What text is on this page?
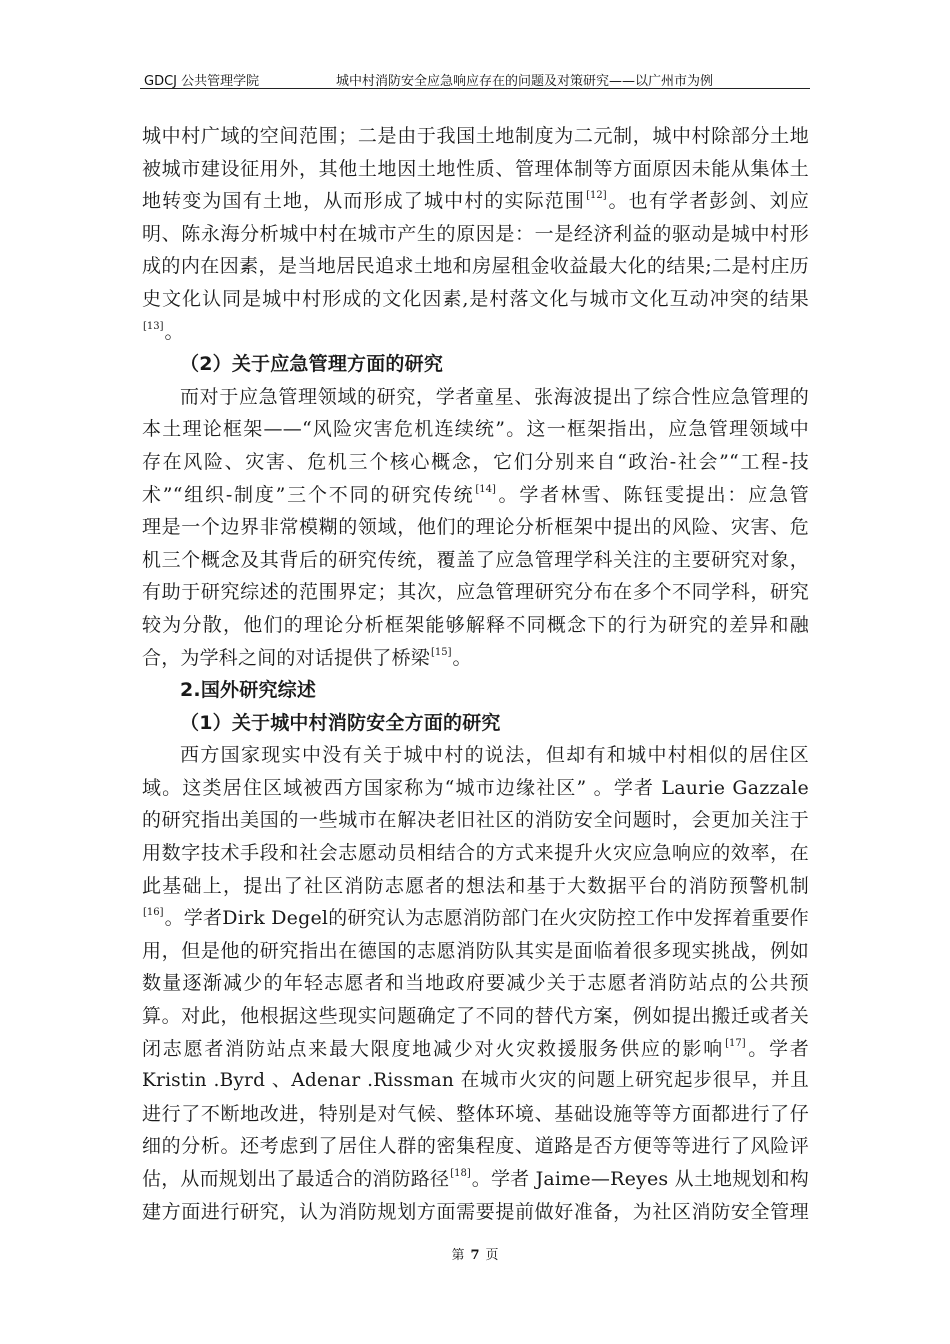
GDCJ 公共管理学院	城中村消防安全应急响应存在的问题及对策研究——以广州市为例
城中村广域的空间范围；二是由于我国土地制度为二元制，城中村除部分土地
被城市建设征用外，其他土地因土地性质、管理体制等方面原因未能从集体土
地转变为国有土地，从而形成了城中村的实际范围[12]。也有学者彭剑、刘应
明、陈永海分析城中村在城市产生的原因是：一是经济利益的驱动是城中村形
成的内在因素，是当地居民追求土地和房屋租金收益最大化的结果;二是村庄历
史文化认同是城中村形成的文化因素,是村落文化与城市文化互动冲突的结果
[13]。
（2）关于应急管理方面的研究
而对于应急管理领域的研究，学者童星、张海波提出了综合性应急管理的
本土理论框架——“风险灾害危机连续统”。这一框架指出，应急管理领域中
存在风险、灾害、危机三个核心概念，它们分别来自“政治-社会”“工程-技
术”“组织-制度”三个不同的研究传统[14]。学者林雪、陈钰雯提出：应急管
理是一个边界非常模糊的领域，他们的理论分析框架中提出的风险、灾害、危
机三个概念及其背后的研究传统，覆盖了应急管理学科关注的主要研究对象，
有助于研究综述的范围界定；其次，应急管理研究分布在多个不同学科，研究
较为分散，他们的理论分析框架能够解释不同概念下的行为研究的差异和融
合，为学科之间的对话提供了桥梁[15]。
2.国外研究综述
（1）关于城中村消防安全方面的研究
西方国家现实中没有关于城中村的说法，但却有和城中村相似的居住区
域。这类居住区域被西方国家称为“城市边缘社区” 。学者 Laurie Gazzale
的研究指出美国的一些城市在解决老旧社区的消防安全问题时，会更加关注于
用数字技术手段和社会志愿动员相结合的方式来提升火灾应急响应的效率，在
此基础上，提出了社区消防志愿者的想法和基于大数据平台的消防预警机制
[16]。学者Dirk Degel的研究认为志愿消防部门在火灾防控工作中发挥着重要作
用，但是他的研究指出在德国的志愿消防队其实是面临着很多现实挑战，例如
数量逐渐减少的年轻志愿者和当地政府要减少关于志愿者消防站点的公共预
算。对此，他根据这些现实问题确定了不同的替代方案，例如提出搬迁或者关
闭志愿者消防站点来最大限度地减少对火灾救援服务供应的影响[17]。学者
Kristin .Byrd 、Adenar .Rissman 在城市火灾的问题上研究起步很早，并且
进行了不断地改进，特别是对气候、整体环境、基础设施等等方面都进行了仔
细的分析。还考虑到了居住人群的密集程度、道路是否方便等等进行了风险评
估，从而规划出了最适合的消防路径[18]。学者 Jaime—Reyes 从土地规划和构
建方面进行研究，认为消防规划方面需要提前做好准备，为社区消防安全管理
第 7 页
